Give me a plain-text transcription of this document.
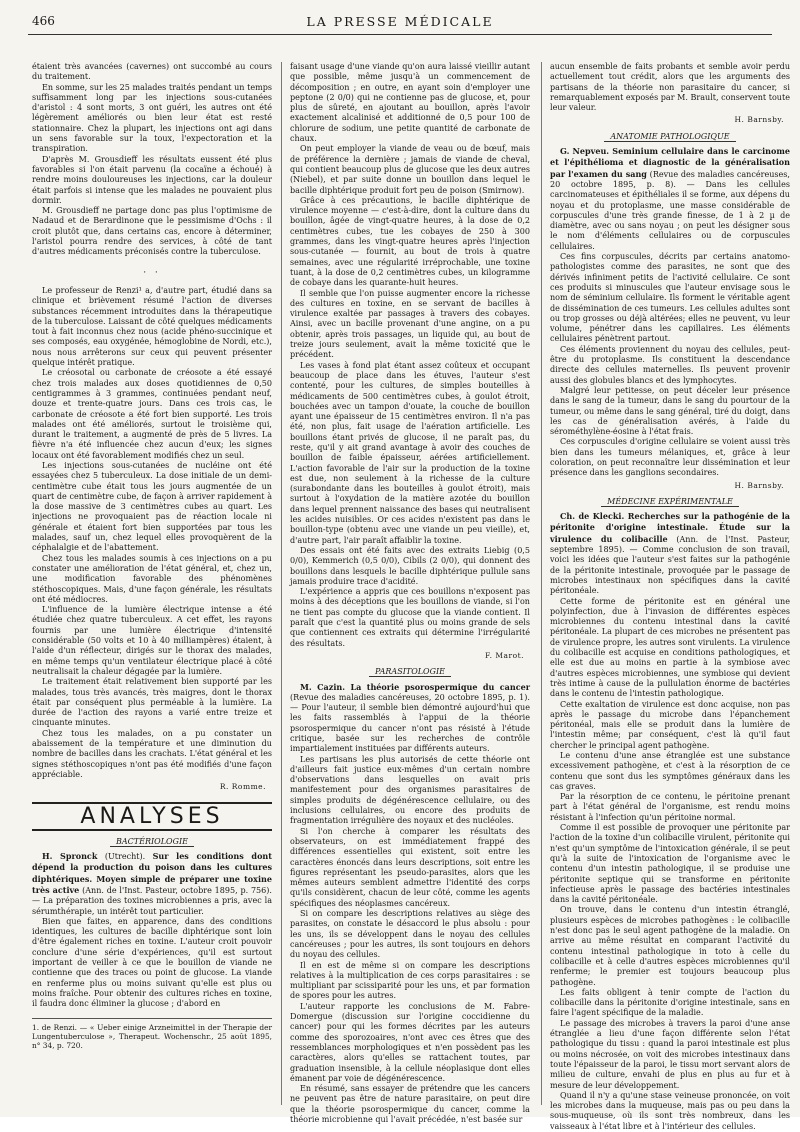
466	LA PRESSE MÉDICALE

étaient très avancées (cavernes) ont succombé au cours du traitement.

En somme, sur les 25 malades traités pendant un temps suffisamment long par les injections sous-cutanées d'aristol : 4 sont morts, 3 ont guéri, les autres ont été légèrement améliorés ou bien leur état est resté stationnaire. Chez la plupart, les injections ont agi dans un sens favorable sur la toux, l'expectoration et la transpiration.

D'après M. Grousdieff les résultats eussent été plus favorables si l'on était parvenu (la cocaïne a échoué) à rendre moins douloureuses les injections, car la douleur était parfois si intense que les malades ne pouvaient plus dormir.

M. Grousdieff ne partage donc pas plus l'optimisme de Nadaud et de Berardinone que le pessimisme d'Ochs : il croit plutôt que, dans certains cas, encore à déterminer, l'aristol pourra rendre des services, à côté de tant d'autres médicaments préconisés contre la tuberculose.

· ·

Le professeur de Renzi¹ a, d'autre part, étudié dans sa clinique et brièvement résumé l'action de diverses substances récemment introduites dans la thérapeutique de la tuberculose. Laissant de côté quelques médicaments tout à fait inconnus chez nous (acide phéno-succinique et ses composés, eau oxygénée, hémoglobine de Nordi, etc.), nous nous arrêterons sur ceux qui peuvent présenter quelque intérêt pratique.

Le créosotal ou carbonate de créosote a été essayé chez trois malades aux doses quotidiennes de 0,50 centigrammes à 3 grammes, continuées pendant neuf, douze et trente-quatre jours. Dans ces trois cas, le carbonate de créosote a été fort bien supporté. Les trois malades ont été améliorés, surtout le troisième qui, durant le traitement, a augmenté de près de 5 livres. La fièvre n'a été influencée chez aucun d'eux; les signes locaux ont été favorablement modifiés chez un seul.

Les injections sous-cutanées de nucléine ont été essayées chez 5 tuberculeux. La dose initiale de un demi-centimètre cube était tous les jours augmentée de un quart de centimètre cube, de façon à arriver rapidement à la dose massive de 3 centimètres cubes au quart. Les injections ne provoquaient pas de réaction locale ni générale et étaient fort bien supportées par tous les malades, sauf un, chez lequel elles provoquèrent de la céphalalgie et de l'abattement.

Chez tous les malades soumis à ces injections on a pu constater une amélioration de l'état général, et, chez un, une modification favorable des phénomènes stéthoscopiques. Mais, d'une façon générale, les résultats ont été médiocres.

L'influence de la lumière électrique intense a été étudiée chez quatre tuberculeux. A cet effet, les rayons fournis par une lumière électrique d'intensité considérable (50 volts et 10 à 40 milliampères) étaient, à l'aide d'un réflecteur, dirigés sur le thorax des malades, en même temps qu'un ventilateur électrique placé à côté neutralisait la chaleur dégagée par la lumière.

Le traitement était relativement bien supporté par les malades, tous très avancés, très maigres, dont le thorax était par conséquent plus perméable à la lumière. La durée de l'action des rayons a varié entre treize et cinquante minutes.

Chez tous les malades, on a pu constater un abaissement de la température et une diminution du nombre de bacilles dans les crachats. L'état général et les signes stéthoscopiques n'ont pas été modifiés d'une façon appréciable.

R. Romme.
ANALYSES
BACTÉRIOLOGIE

H. Spronck (Utrecht). Sur les conditions dont dépend la production du poison dans les cultures diphtériques. Moyen simple de préparer une toxine très active (Ann. de l'Inst. Pasteur, octobre 1895, p. 756). — La préparation des toxines microbiennes a pris, avec la sérumthérapie, un intérêt tout particulier.

Bien que faites, en apparence, dans des conditions identiques, les cultures de bacille diphtérique sont loin d'être également riches en toxine. L'auteur croit pouvoir conclure d'une série d'expériences, qu'il est surtout important de veiller à ce que le bouillon de viande ne contienne que des traces ou point de glucose. La viande en renferme plus ou moins suivant qu'elle est plus ou moins fraîche. Pour obtenir des cultures riches en toxine, il faudra donc éliminer la glucose ; d'abord en

1. de Renzi. — « Ueber einige Arzneimittel in der Therapie der Lungentuberculose », Therapeut. Wochenschr., 25 août 1895, n° 34, p. 720.

faisant usage d'une viande qu'on aura laissé vieillir autant que possible, même jusqu'à un commencement de décomposition ; en outre, en ayant soin d'employer une peptone (2 0/0) qui ne contienne pas de glucose, et, pour plus de sûreté, en ajoutant au bouillon, après l'avoir exactement alcalinisé et additionné de 0,5 pour 100 de chlorure de sodium, une petite quantité de carbonate de chaux.

On peut employer la viande de veau ou de bœuf, mais de préférence la dernière ; jamais de viande de cheval, qui contient beaucoup plus de glucose que les deux autres (Niebel), et par suite donne un bouillon dans lequel le bacille diphtérique produit fort peu de poison (Smirnow).

Grâce à ces précautions, le bacille diphtérique de virulence moyenne — c'est-à-dire, dont la culture dans du bouillon, âgée de vingt-quatre heures, à la dose de 0,2 centimètres cubes, tue les cobayes de 250 à 300 grammes, dans les vingt-quatre heures après l'injection sous-cutanée — fournit, au bout de trois à quatre semaines, avec une régularité irréprochable, une toxine tuant, à la dose de 0,2 centimètres cubes, un kilogramme de cobaye dans les quarante-huit heures.

Il semble que l'on puisse augmenter encore la richesse des cultures en toxine, en se servant de bacilles à virulence exaltée par passages à travers des cobayes. Ainsi, avec un bacille provenant d'une angine, on a pu obtenir, après trois passages, un liquide qui, au bout de treize jours seulement, avait la même toxicité que le précédent.

Les vases à fond plat étant assez coûteux et occupant beaucoup de place dans les étuves, l'auteur s'est contenté, pour les cultures, de simples bouteilles à médicaments de 500 centimètres cubes, à goulot étroit, bouchées avec un tampon d'ouate, la couche de bouillon ayant une épaisseur de 15 centimètres environ. Il n'a pas été, non plus, fait usage de l'aération artificielle. Les bouillons étant privés de glucose, il ne paraît pas, du reste, qu'il y ait grand avantage à avoir des couches de bouillon de faible épaisseur, aérées artificiellement. L'action favorable de l'air sur la production de la toxine est due, non seulement à la richesse de la culture (surabondante dans les bouteilles à goulot étroit), mais surtout à l'oxydation de la matière azotée du bouillon dans lequel prennent naissance des bases qui neutralisent les acides nuisibles. Or ces acides n'existent pas dans le bouillon-type (obtenu avec une viande un peu vieille), et, d'autre part, l'air paraît affaiblir la toxine.

Des essais ont été faits avec des extraits Liebig (0,5 0/0), Kemmerich (0,5 0/0), Cibils (2 0/0), qui donnent des bouillons dans lesquels le bacille diphtérique pullule sans jamais produire trace d'acidité.

L'expérience a appris que ces bouillons n'exposent pas moins à des déceptions que les bouillons de viande, si l'on ne tient pas compte du glucose que la viande contient. Il paraît que c'est la quantité plus ou moins grande de sels que contiennent ces extraits qui détermine l'irrégularité des résultats.

F. Marot.
PARASITOLOGIE

M. Cazin. La théorie psorospermique du cancer (Revue des maladies cancéreuses, 20 octobre 1895, p. 1). — Pour l'auteur, il semble bien démontré aujourd'hui que les faits rassemblés à l'appui de la théorie psorospermique du cancer n'ont pas résisté à l'étude critique, basée sur les recherches de contrôle impartialement instituées par différents auteurs.

Les partisans les plus autorisés de cette théorie ont d'ailleurs fait justice eux-mêmes d'un certain nombre d'observations dans lesquelles on avait pris manifestement pour des organismes parasitaires de simples produits de dégénérescence cellulaire, ou des inclusions cellulaires, ou encore des produits de fragmentation irrégulière des noyaux et des nucléoles.

Si l'on cherche à comparer les résultats des observateurs, on est immédiatement frappé des différences essentielles qui existent, soit entre les caractères énoncés dans leurs descriptions, soit entre les figures représentant les pseudo-parasites, alors que les mêmes auteurs semblent admettre l'identité des corps qu'ils considèrent, chacun de leur côté, comme les agents spécifiques des néoplasmes cancéreux.

Si on compare les descriptions relatives au siège des parasites, on constate le désaccord le plus absolu : pour les uns, ils se développent dans le noyau des cellules cancéreuses ; pour les autres, ils sont toujours en dehors du noyau des cellules.

Il en est de même si on compare les descriptions relatives à la multiplication de ces corps parasitaires : se multipliant par scissiparité pour les uns, et par formation de spores pour les autres.

L'auteur rapporte les conclusions de M. Fabre-Domergue (discussion sur l'origine coccidienne du cancer) pour qui les formes décrites par les auteurs comme des sporozoaires, n'ont avec ces êtres que des ressemblances morphologiques et n'en possèdent pas les caractères, alors qu'elles se rattachent toutes, par graduation insensible, à la cellule néoplasique dont elles émanent par voie de dégénérescence.

En résumé, sans essayer de prétendre que les cancers ne peuvent pas être de nature parasitaire, on peut dire que la théorie psorospermique du cancer, comme la théorie microbienne qui l'avait précédée, n'est basée sur

aucun ensemble de faits probants et semble avoir perdu actuellement tout crédit, alors que les arguments des partisans de la théorie non parasitaire du cancer, si remarquablement exposés par M. Brault, conservent toute leur valeur.

H. Barnsby.
ANATOMIE PATHOLOGIQUE

G. Nepveu. Seminium cellulaire dans le carcinome et l'épithélioma et diagnostic de la généralisation par l'examen du sang (Revue des maladies cancéreuses, 20 octobre 1895, p. 8). — Dans les cellules carcinomateuses et épithéliales il se forme, aux dépens du noyau et du protoplasme, une masse considérable de corpuscules d'une très grande finesse, de 1 à 2 µ de diamètre, avec ou sans noyau ; on peut les désigner sous le nom d'éléments cellulaires ou de corpuscules cellulaires.

Ces fins corpuscules, décrits par certains anatomo-pathologistes comme des parasites, ne sont que des dérivés infiniment petits de l'activité cellulaire. Ce sont ces produits si minuscules que l'auteur envisage sous le nom de séminium cellulaire. Ils forment le véritable agent de dissémination de ces tumeurs. Les cellules adultes sont ou trop grosses ou déjà altérées; elles ne peuvent, vu leur volume, pénétrer dans les capillaires. Les éléments cellulaires pénètrent partout.

Ces éléments proviennent du noyau des cellules, peut-être du protoplasme. Ils constituent la descendance directe des cellules maternelles. Ils peuvent provenir aussi des globules blancs et des lymphocytes.

Malgré leur petitesse, on peut déceler leur présence dans le sang de la tumeur, dans le sang du pourtour de la tumeur, ou même dans le sang général, tiré du doigt, dans les cas de généralisation avérés, à l'aide du sérométhylène-éosine à l'état frais.

Ces corpuscules d'origine cellulaire se voient aussi très bien dans les tumeurs mélaniques, et, grâce à leur coloration, on peut reconnaître leur dissémination et leur présence dans les ganglions secondaires.

H. Barnsby.
MÉDECINE EXPÉRIMENTALE

Ch. de Klecki. Recherches sur la pathogénie de la péritonite d'origine intestinale. Étude sur la virulence du colibacille (Ann. de l'Inst. Pasteur, septembre 1895). — Comme conclusion de son travail, voici les idées que l'auteur s'est faites sur la pathogénie de la péritonite intestinale, provoquée par le passage de microbes intestinaux non spécifiques dans la cavité péritonéale.

Cette forme de péritonite est en général une polyinfection, due à l'invasion de différentes espèces microbiennes du contenu intestinal dans la cavité péritonéale. La plupart de ces microbes ne présentent pas de virulence propre, les autres sont virulents. La virulence du colibacille est acquise en conditions pathologiques, et elle est due au moins en partie à la symbiose avec d'autres espèces microbiennes, une symbiose qui devient très intime à cause de la pullulation énorme de bactéries dans le contenu de l'intestin pathologique.

Cette exaltation de virulence est donc acquise, non pas après le passage du microbe dans l'épanchement péritonéal, mais elle se produit dans la lumière de l'intestin même; par conséquent, c'est là qu'il faut chercher le principal agent pathogène.

Le contenu d'une anse étranglée est une substance excessivement pathogène, et c'est à la résorption de ce contenu que sont dus les symptômes généraux dans les cas graves.

Par la résorption de ce contenu, le péritoine prenant part à l'état général de l'organisme, est rendu moins résistant à l'infection qu'un péritoine normal.

Comme il est possible de provoquer une péritonite par l'action de la toxine d'un colibacille virulent, péritonite qui n'est qu'un symptôme de l'intoxication générale, il se peut qu'à la suite de l'intoxication de l'organisme avec le contenu d'un intestin pathologique, il se produise une péritonite septique qui se transforme en péritonite infectieuse après le passage des bactéries intestinales dans la cavité péritonéale.

On trouve, dans le contenu d'un intestin étranglé, plusieurs espèces de microbes pathogènes : le colibacille n'est donc pas le seul agent pathogène de la maladie. On arrive au même résultat en comparant l'activité du contenu intestinal pathologique in toto à celle du colibacille et à celle d'autres espèces microbiennes qu'il renferme; le premier est toujours beaucoup plus pathogène.

Les faits obligent à tenir compte de l'action du colibacille dans la péritonite d'origine intestinale, sans en faire l'agent spécifique de la maladie.

Le passage des microbes à travers la paroi d'une anse étranglée a lieu d'une façon différente selon l'état pathologique du tissu : quand la paroi intestinale est plus ou moins nécrosée, on voit des microbes intestinaux dans toute l'épaisseur de la paroi, le tissu mort servant alors de milieu de culture, envahi de plus en plus au fur et à mesure de leur développement.

Quand il n'y a qu'une stase veineuse prononcée, on voit les microbes dans la muqueuse, mais pas ou peu dans la sous-muqueuse, où ils sont très nombreux, dans les vaisseaux à l'état libre et à l'intérieur des cellules.
